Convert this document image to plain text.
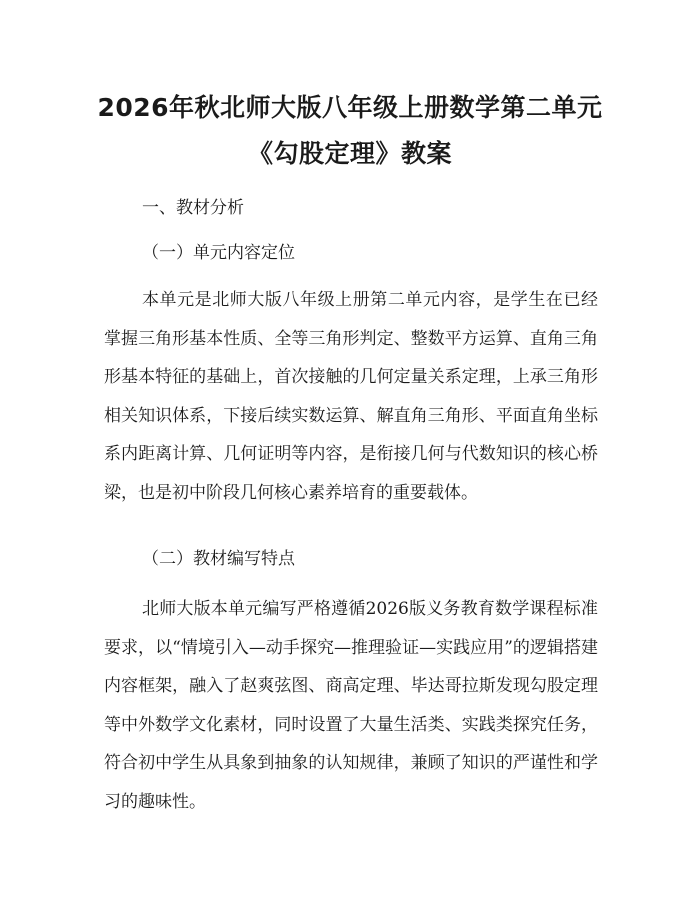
2026年秋北师大版八年级上册数学第二单元
《勾股定理》教案
一、教材分析
（一）单元内容定位

本单元是北师大版八年级上册第二单元内容，是学生在已经掌握三角形基本性质、全等三角形判定、整数平方运算、直角三角形基本特征的基础上，首次接触的几何定量关系定理，上承三角形相关知识体系，下接后续实数运算、解直角三角形、平面直角坐标系内距离计算、几何证明等内容，是衔接几何与代数知识的核心桥梁，也是初中阶段几何核心素养培育的重要载体。

（二）教材编写特点

北师大版本单元编写严格遵循2026版义务教育数学课程标准要求，以“情境引入—动手探究—推理验证—实践应用”的逻辑搭建内容框架，融入了赵爽弦图、商高定理、毕达哥拉斯发现勾股定理等中外数学文化素材，同时设置了大量生活类、实践类探究任务，符合初中学生从具象到抽象的认知规律，兼顾了知识的严谨性和学习的趣味性。
